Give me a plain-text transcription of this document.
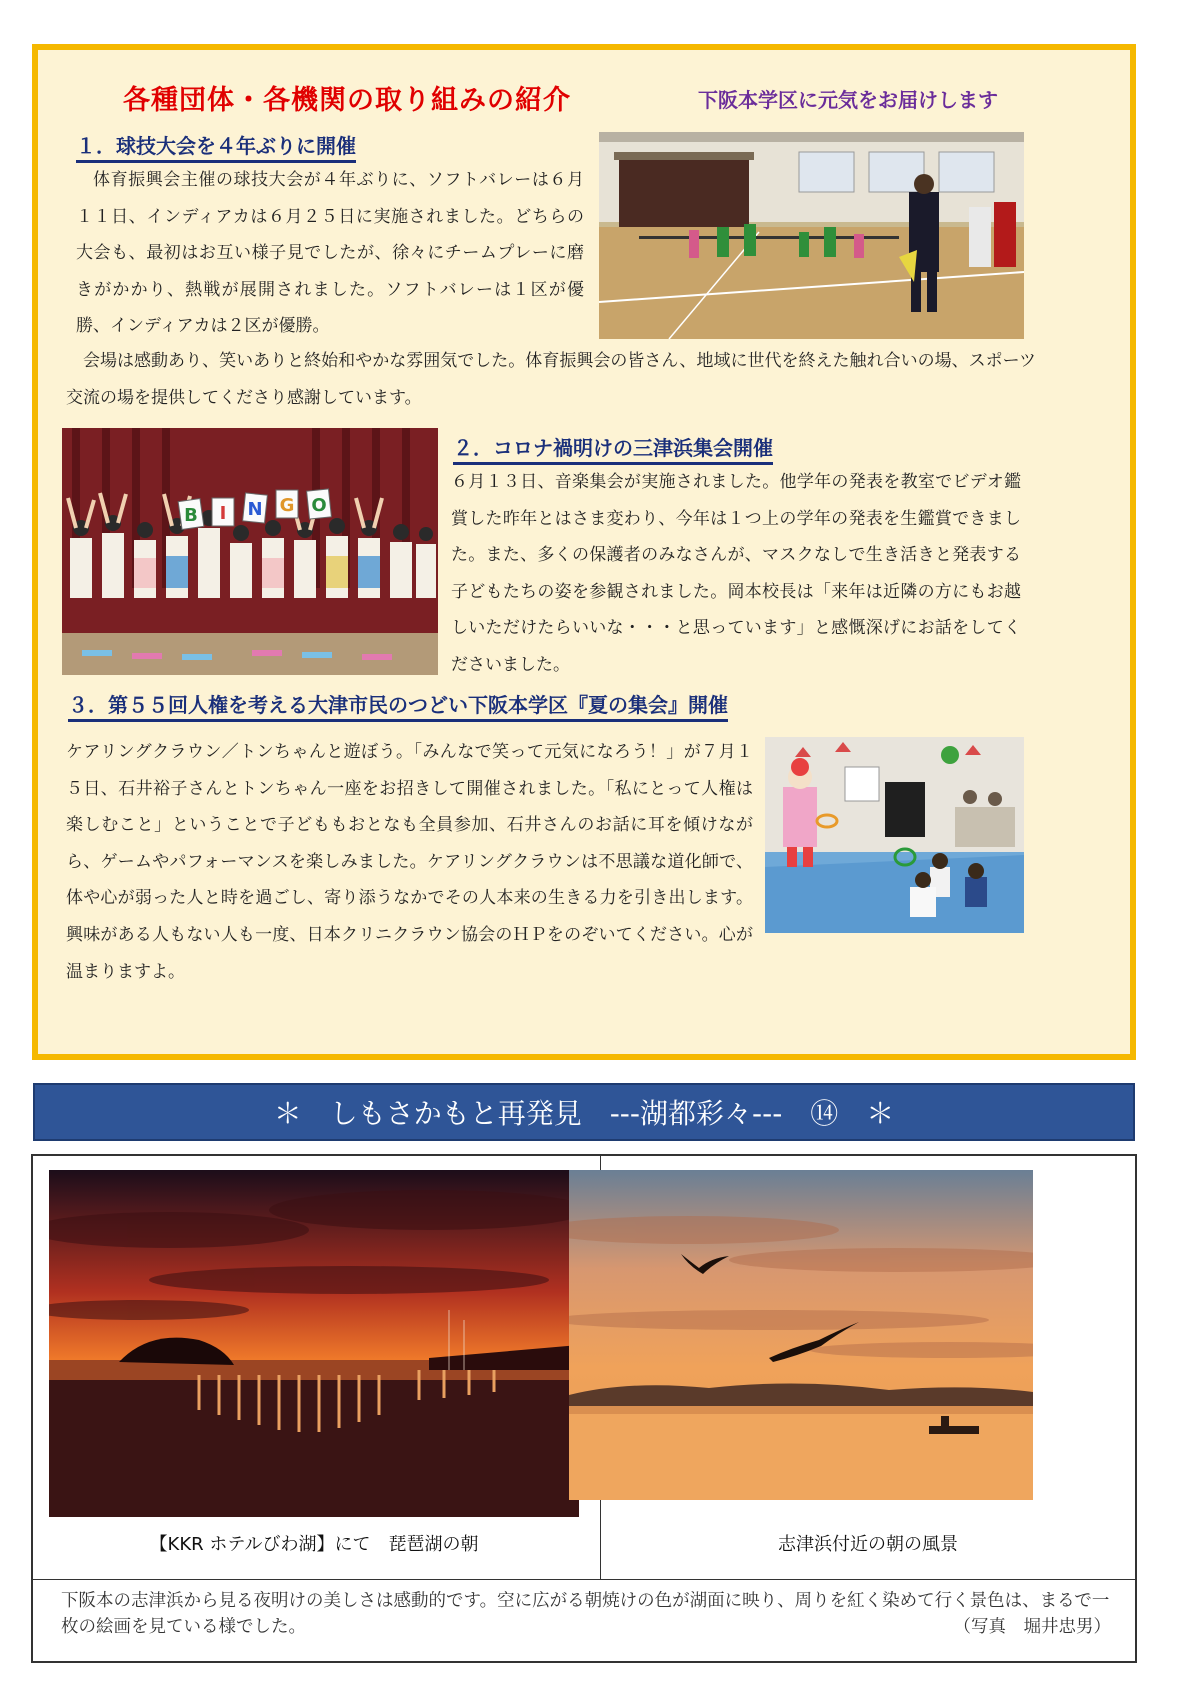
各種団体・各機関の取り組みの紹介	下阪本学区に元気をお届けします
１．球技大会を４年ぶりに開催

体育振興会主催の球技大会が４年ぶりに、ソフトバレーは６月１１日、インディアカは６月２５日に実施されました。どちらの大会も、最初はお互い様子見でしたが、徐々にチームプレーに磨きがかかり、熱戦が展開されました。ソフトバレーは１区が優勝、インディアカは２区が優勝。

会場は感動あり、笑いありと終始和やかな雰囲気でした。体育振興会の皆さん、地域に世代を終えた触れ合いの場、スポーツ交流の場を提供してくださり感謝しています。

B I N G O
２．コロナ禍明けの三津浜集会開催

６月１３日、音楽集会が実施されました。他学年の発表を教室でビデオ鑑賞した昨年とはさま変わり、今年は１つ上の学年の発表を生鑑賞できました。また、多くの保護者のみなさんが、マスクなしで生き活きと発表する子どもたちの姿を参観されました。岡本校長は「来年は近隣の方にもお越しいただけたらいいな・・・と思っています」と感慨深げにお話をしてくださいました。

３．第５５回人権を考える大津市民のつどい下阪本学区『夏の集会』開催

ケアリングクラウン／トンちゃんと遊ぼう。「みんなで笑って元気になろう！」が７月１５日、石井裕子さんとトンちゃん一座をお招きして開催されました。「私にとって人権は楽しむこと」ということで子どももおとなも全員参加、石井さんのお話に耳を傾けながら、ゲームやパフォーマンスを楽しみました。ケアリングクラウンは不思議な道化師で、体や心が弱った人と時を過ごし、寄り添うなかでその人本来の生きる力を引き出します。興味がある人もない人も一度、日本クリニクラウン協会のＨＰをのぞいてください。心が温まりますよ。

＊　しもさかもと再発見　---湖都彩々---　⑭　＊
【KKR ホテルびわ湖】にて　琵琶湖の朝	志津浜付近の朝の風景
下阪本の志津浜から見る夜明けの美しさは感動的です。空に広がる朝焼けの色が湖面に映り、周りを紅く染めて行く景色は、まるで一枚の絵画を見ている様でした。	（写真　堀井忠男）
